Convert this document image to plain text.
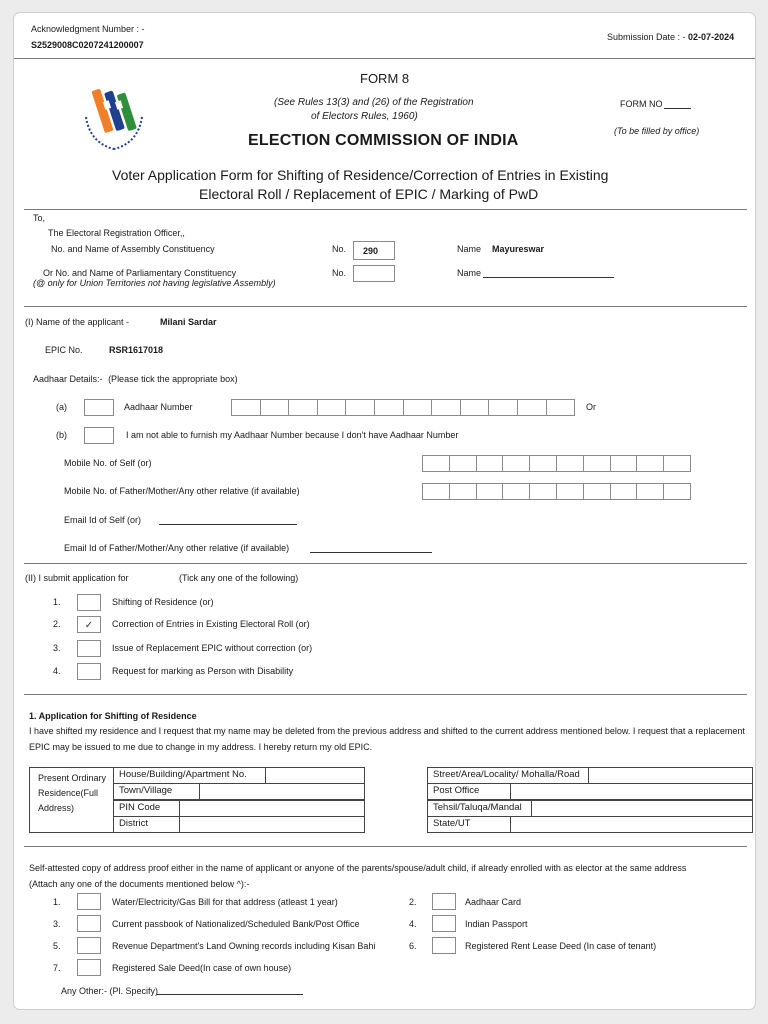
Acknowledgment Number : -
S2529008C0207241200007
Submission Date : - 02-07-2024
FORM 8
(See Rules 13(3) and (26) of the Registration
of Electors Rules, 1960)
ELECTION COMMISSION OF INDIA
FORM NO
(To be filled by office)
Voter Application Form for Shifting of Residence/Correction of Entries in Existing
Electoral Roll / Replacement of EPIC / Marking of PwD
To,
The Electoral Registration Officer,,
No. and Name of Assembly Constituency	No.	290	Name Mayureswar
Or No. and Name of Parliamentary Constituency
(@ only for Union Territories not having legislative Assembly)
No.	Name
(I) Name of the applicant -	Milani Sardar
EPIC No.	RSR1617018
Aadhaar Details:- (Please tick the appropriate box)
(a)	Aadhaar Number	Or
(b)	I am not able to furnish my Aadhaar Number because I don't have Aadhaar Number
Mobile No. of Self (or)
Mobile No. of Father/Mother/Any other relative (if available)
Email Id of Self (or)
Email Id of Father/Mother/Any other relative (if available)
(II) I submit application for	(Tick any one of the following)
1.	Shifting of Residence (or)
2.	✓	Correction of Entries in Existing Electoral Roll (or)
3.	Issue of Replacement EPIC without correction (or)
4.	Request for marking as Person with Disability
1. Application for Shifting of Residence
I have shifted my residence and I request that my name may be deleted from the previous address and shifted to the current address mentioned below. I request that a replacement
EPIC may be issued to me due to change in my address. I hereby return my old EPIC.
Present Ordinary
Residence(Full
Address)
House/Building/Apartment No.
Town/Village
PIN Code
District
Street/Area/Locality/ Mohalla/Road
Post Office
Tehsil/Taluqa/Mandal
State/UT
Self-attested copy of address proof either in the name of applicant or anyone of the parents/spouse/adult child, if already enrolled with as elector at the same address
(Attach any one of the documents mentioned below ^):-
1.	Water/Electricity/Gas Bill for that address (atleast 1 year)	2.	Aadhaar Card
3.	Current passbook of Nationalized/Scheduled Bank/Post Office	4.	Indian Passport
5.	Revenue Department's Land Owning records including Kisan Bahi	6.	Registered Rent Lease Deed (In case of tenant)
7.	Registered Sale Deed(In case of own house)
Any Other:- (Pl. Specify)
